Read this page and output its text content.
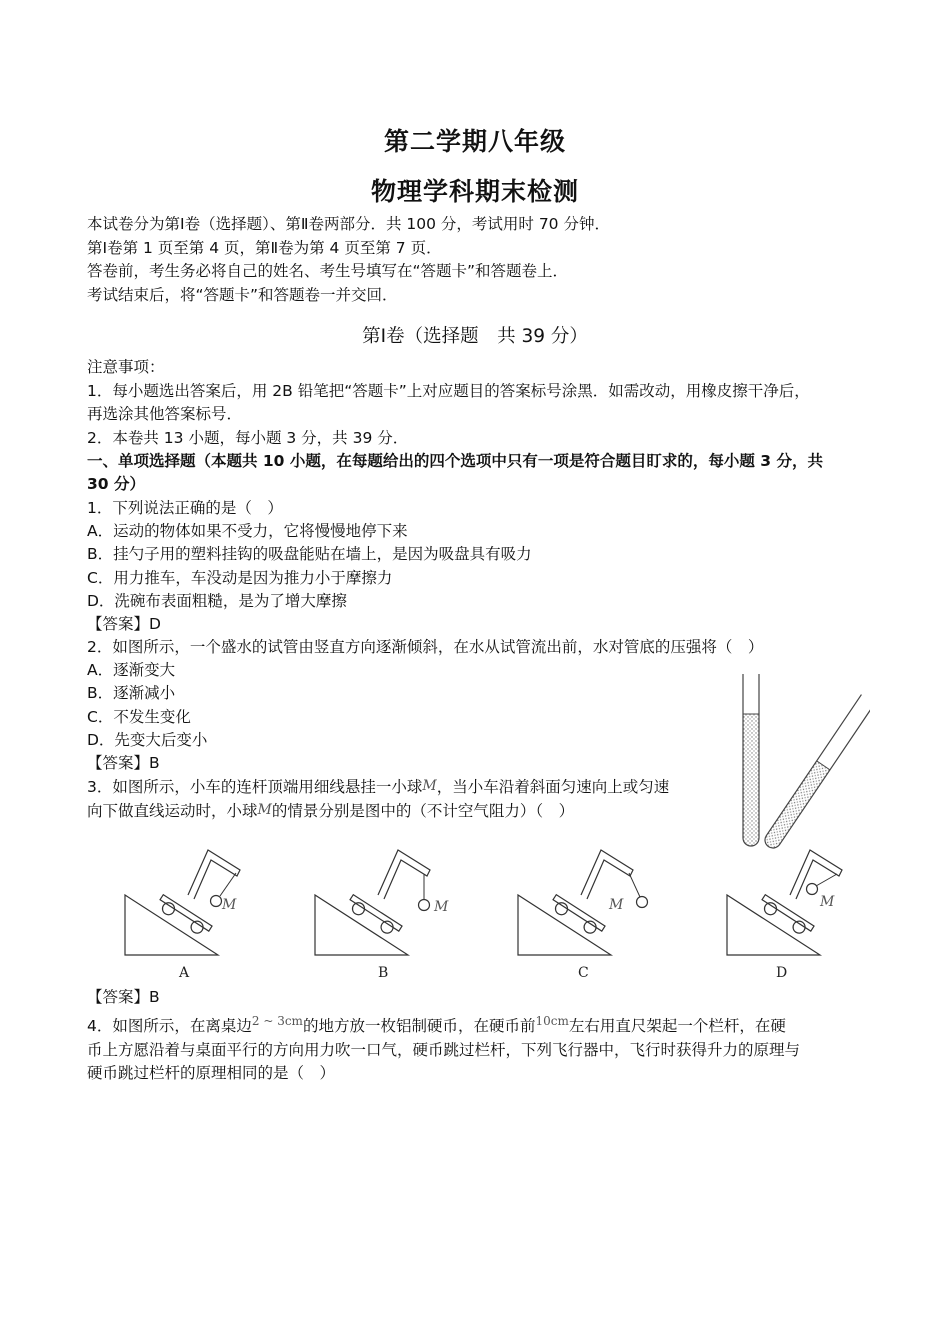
第二学期八年级
物理学科期末检测
本试卷分为第Ⅰ卷（选择题）、第Ⅱ卷两部分．共 100 分，考试用时 70 分钟．
第Ⅰ卷第 1 页至第 4 页，第Ⅱ卷为第 4 页至第 7 页．
答卷前，考生务必将自己的姓名、考生号填写在“答题卡”和答题卷上．
考试结束后，将“答题卡”和答题卷一并交回．
第Ⅰ卷（选择题　共 39 分）
注意事项：
1．每小题选出答案后，用 2B 铅笔把“答题卡”上对应题目的答案标号涂黑．如需改动，用橡皮擦干净后，
再选涂其他答案标号．
2．本卷共 13 小题，每小题 3 分，共 39 分．
一、单项选择题（本题共 10 小题，在每题给出的四个选项中只有一项是符合题目盯求的，每小题 3 分，共
30 分）
1．下列说法正确的是（　）
A．运动的物体如果不受力，它将慢慢地停下来
B．挂勺子用的塑料挂钩的吸盘能贴在墙上，是因为吸盘具有吸力
C．用力推车，车没动是因为推力小于摩擦力
D．洗碗布表面粗糙，是为了增大摩擦
【答案】D
2．如图所示，一个盛水的试管由竖直方向逐渐倾斜，在水从试管流出前，水对管底的压强将（　）
A．逐渐变大
B．逐渐减小
C．不发生变化
D．先变大后变小
【答案】B
3．如图所示，小车的连杆顶端用细线悬挂一小球M，当小车沿着斜面匀速向上或匀速
向下做直线运动时，小球M的情景分别是图中的（不计空气阻力）（　）
M
A
M
B
M
C
M
D
【答案】B
4．如图所示，在离桌边$^{2 \sim 3cm}$的地方放一枚铝制硬币，在硬币前$^{10cm}$左右用直尺架起一个栏杆，在硬
币上方愿沿着与桌面平行的方向用力吹一口气，硬币跳过栏杆，下列飞行器中，飞行时获得升力的原理与
硬币跳过栏杆的原理相同的是（　）
